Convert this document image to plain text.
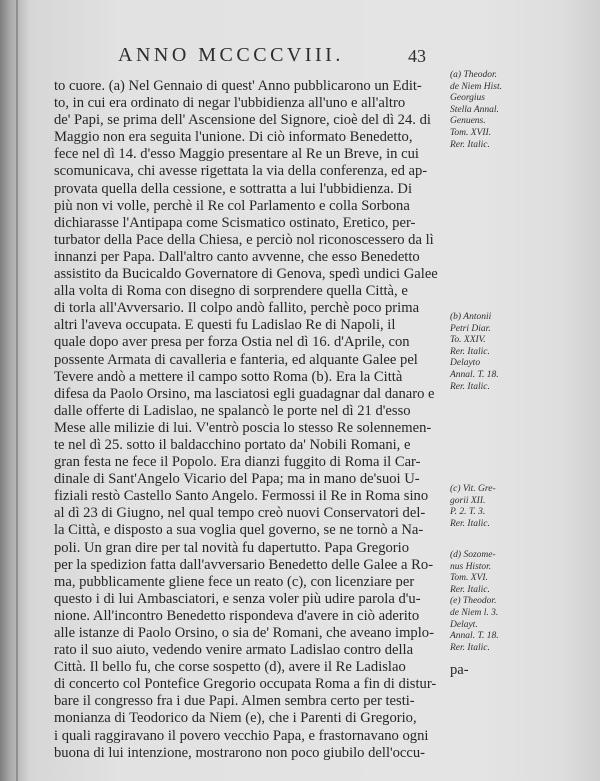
ANNO MCCCCVIII.	43
to cuore. (a) Nel Gennaio di quest' Anno pubblicarono un Edit-
to, in cui era ordinato di negar l'ubbidienza all'uno e all'altro
de' Papi, se prima dell' Ascensione del Signore, cioè del dì 24. di
Maggio non era seguita l'unione. Di ciò informato Benedetto,
fece nel dì 14. d'esso Maggio presentare al Re un Breve, in cui
scomunicava, chi avesse rigettata la via della conferenza, ed ap-
provata quella della cessione, e sottratta a lui l'ubbidienza. Di
più non vi volle, perchè il Re col Parlamento e colla Sorbona
dichiarasse l'Antipapa come Scismatico ostinato, Eretico, per-
turbator della Pace della Chiesa, e perciò nol riconoscessero da lì
innanzi per Papa. Dall'altro canto avvenne, che esso Benedetto
assistito da Bucicaldo Governatore di Genova, spedì undici Galee
alla volta di Roma con disegno di sorprendere quella Città, e
di torla all'Avversario. Il colpo andò fallito, perchè poco prima
altri l'aveva occupata. E questi fu Ladislao Re di Napoli, il
quale dopo aver presa per forza Ostia nel dì 16. d'Aprile, con
possente Armata di cavalleria e fanteria, ed alquante Galee pel
Tevere andò a mettere il campo sotto Roma (b). Era la Città
difesa da Paolo Orsino, ma lasciatosi egli guadagnar dal danaro e
dalle offerte di Ladislao, ne spalancò le porte nel dì 21 d'esso
Mese alle milizie di lui. V'entrò poscia lo stesso Re solennemen-
te nel dì 25. sotto il baldacchino portato da' Nobili Romani, e
gran festa ne fece il Popolo. Era dianzi fuggito di Roma il Car-
dinale di Sant'Angelo Vicario del Papa; ma in mano de'suoi U-
fiziali restò Castello Santo Angelo. Fermossi il Re in Roma sino
al dì 23 di Giugno, nel qual tempo creò nuovi Conservatori del-
la Città, e disposto a sua voglia quel governo, se ne tornò a Na-
poli. Un gran dire per tal novità fu dapertutto. Papa Gregorio
per la spedizion fatta dall'avversario Benedetto delle Galee a Ro-
ma, pubblicamente gliene fece un reato (c), con licenziare per
questo i di lui Ambasciatori, e senza voler più udire parola d'u-
nione. All'incontro Benedetto rispondeva d'avere in ciò aderito
alle istanze di Paolo Orsino, o sia de' Romani, che aveano implo-
rato il suo aiuto, vedendo venire armato Ladislao contro della
Città. Il bello fu, che corse sospetto (d), avere il Re Ladislao
di concerto col Pontefice Gregorio occupata Roma a fin di distur-
bare il congresso fra i due Papi. Almen sembra certo per testi-
monianza di Teodorico da Niem (e), che i Parenti di Gregorio,
i quali raggiravano il povero vecchio Papa, e frastornavano ogni
buona di lui intenzione, mostrarono non poco giubilo dell'occu-
(a) Theodor.
de Niem Hist.
Georgius
Stella Annal.
Genuens.
Tom. XVII.
Rer. Italic.
(b) Antonii
Petri Diar.
To. XXIV.
Rer. Italic.
Delayto
Annal. T. 18.
Rer. Italic.
(c) Vit. Gre-
gorii XII.
P. 2. T. 3.
Rer. Italic.
(d) Sozome-
nus Histor.
Tom. XVI.
Rer. Italic.
(e) Theodor.
de Niem l. 3.
Delayt.
Annal. T. 18.
Rer. Italic.
pa-
